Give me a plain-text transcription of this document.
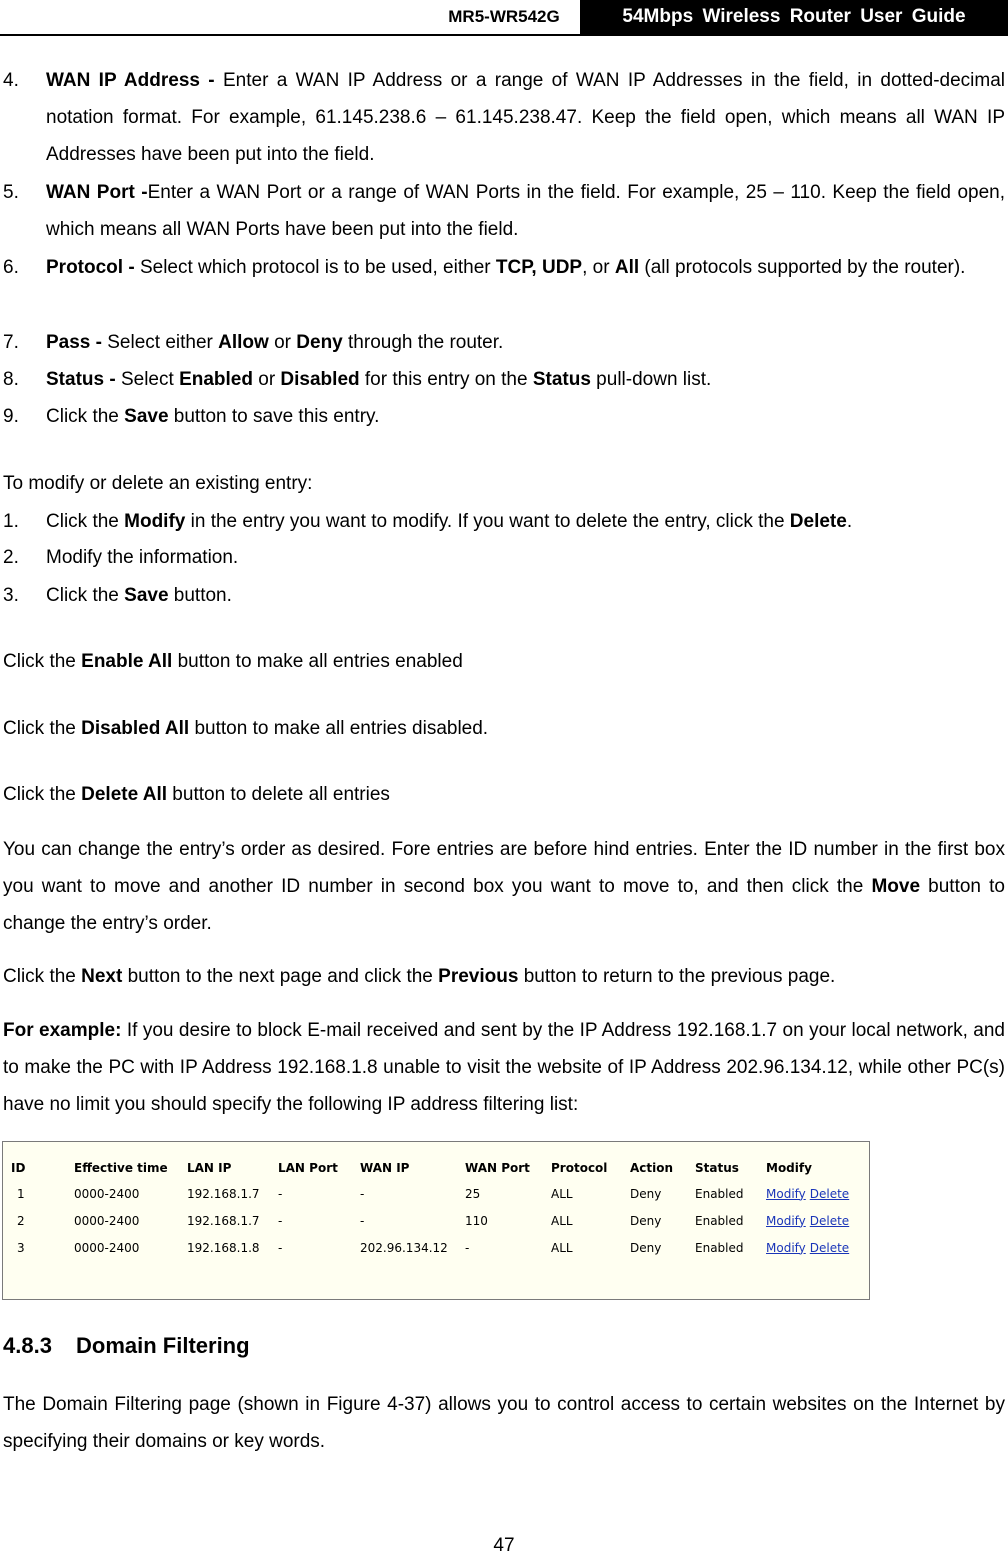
MR5-WR542G	54Mbps Wireless Router User Guide
4. WAN IP Address - Enter a WAN IP Address or a range of WAN IP Addresses in the field, in dotted-decimal notation format. For example, 61.145.238.6 – 61.145.238.47. Keep the field open, which means all WAN IP Addresses have been put into the field.
5. WAN Port -Enter a WAN Port or a range of WAN Ports in the field. For example, 25 – 110. Keep the field open, which means all WAN Ports have been put into the field.
6. Protocol - Select which protocol is to be used, either TCP, UDP, or All (all protocols supported by the router).
7. Pass - Select either Allow or Deny through the router.
8. Status - Select Enabled or Disabled for this entry on the Status pull-down list.
9. Click the Save button to save this entry.
To modify or delete an existing entry:
1. Click the Modify in the entry you want to modify. If you want to delete the entry, click the Delete.
2. Modify the information.
3. Click the Save button.
Click the Enable All button to make all entries enabled
Click the Disabled All button to make all entries disabled.
Click the Delete All button to delete all entries
You can change the entry’s order as desired. Fore entries are before hind entries. Enter the ID number in the first box you want to move and another ID number in second box you want to move to, and then click the Move button to change the entry’s order.
Click the Next button to the next page and click the Previous button to return to the previous page.
For example: If you desire to block E-mail received and sent by the IP Address 192.168.1.7 on your local network, and to make the PC with IP Address 192.168.1.8 unable to visit the website of IP Address 202.96.134.12, while other PC(s) have no limit you should specify the following IP address filtering list:
ID	Effective time	LAN IP	LAN Port	WAN IP	WAN Port	Protocol	Action	Status	Modify
1	0000-2400	192.168.1.7	-	-	25	ALL	Deny	Enabled	Modify Delete
2	0000-2400	192.168.1.7	-	-	110	ALL	Deny	Enabled	Modify Delete
3	0000-2400	192.168.1.8	-	202.96.134.12	-	ALL	Deny	Enabled	Modify Delete
4.8.3 Domain Filtering
The Domain Filtering page (shown in Figure 4-37) allows you to control access to certain websites on the Internet by specifying their domains or key words.
47
